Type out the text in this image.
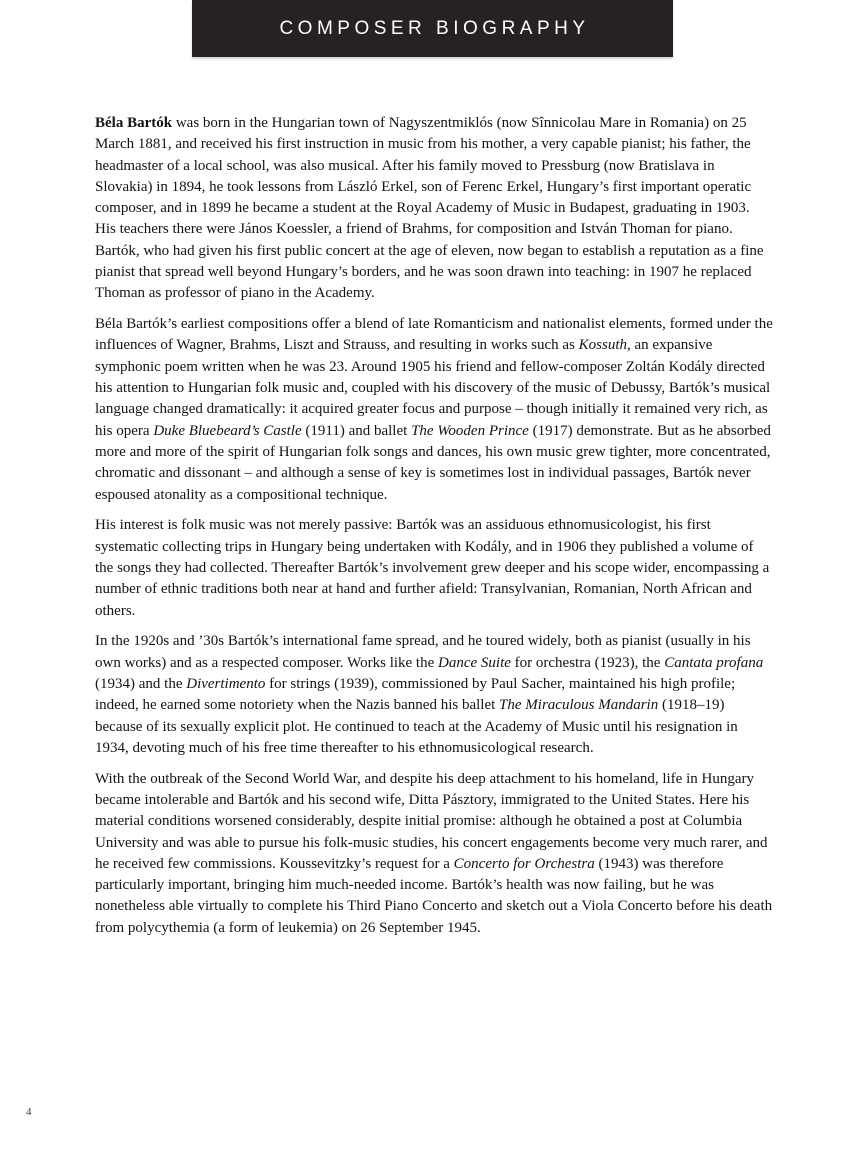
COMPOSER BIOGRAPHY

Béla Bartók was born in the Hungarian town of Nagyszentmiklós (now Sînnicolau Mare in Romania) on 25 March 1881, and received his first instruction in music from his mother, a very capable pianist; his father, the headmaster of a local school, was also musical. After his family moved to Pressburg (now Bratislava in Slovakia) in 1894, he took lessons from László Erkel, son of Ferenc Erkel, Hungary’s first important operatic composer, and in 1899 he became a student at the Royal Academy of Music in Budapest, graduating in 1903. His teachers there were János Koessler, a friend of Brahms, for composition and István Thoman for piano. Bartók, who had given his first public concert at the age of eleven, now began to establish a reputation as a fine pianist that spread well beyond Hungary’s borders, and he was soon drawn into teaching: in 1907 he replaced Thoman as professor of piano in the Academy.

Béla Bartók’s earliest compositions offer a blend of late Romanticism and nationalist elements, formed under the influences of Wagner, Brahms, Liszt and Strauss, and resulting in works such as Kossuth, an expansive symphonic poem written when he was 23. Around 1905 his friend and fellow-composer Zoltán Kodály directed his attention to Hungarian folk music and, coupled with his discovery of the music of Debussy, Bartók’s musical language changed dramatically: it acquired greater focus and purpose – though initially it remained very rich, as his opera Duke Bluebeard’s Castle (1911) and ballet The Wooden Prince (1917) demonstrate. But as he absorbed more and more of the spirit of Hungarian folk songs and dances, his own music grew tighter, more concentrated, chromatic and dissonant – and although a sense of key is sometimes lost in individual passages, Bartók never espoused atonality as a compositional technique.

His interest is folk music was not merely passive: Bartók was an assiduous ethnomusicologist, his first systematic collecting trips in Hungary being undertaken with Kodály, and in 1906 they published a volume of the songs they had collected. Thereafter Bartók’s involvement grew deeper and his scope wider, encompassing a number of ethnic traditions both near at hand and further afield: Transylvanian, Romanian, North African and others.

In the 1920s and ’30s Bartók’s international fame spread, and he toured widely, both as pianist (usually in his own works) and as a respected composer. Works like the Dance Suite for orchestra (1923), the Cantata profana (1934) and the Divertimento for strings (1939), commissioned by Paul Sacher, maintained his high profile; indeed, he earned some notoriety when the Nazis banned his ballet The Miraculous Mandarin (1918–19) because of its sexually explicit plot. He continued to teach at the Academy of Music until his resignation in 1934, devoting much of his free time thereafter to his ethnomusicological research.

With the outbreak of the Second World War, and despite his deep attachment to his homeland, life in Hungary became intolerable and Bartók and his second wife, Ditta Pásztory, immigrated to the United States. Here his material conditions worsened considerably, despite initial promise: although he obtained a post at Columbia University and was able to pursue his folk-music studies, his concert engagements become very much rarer, and he received few commissions. Koussevitzky’s request for a Concerto for Orchestra (1943) was therefore particularly important, bringing him much-needed income. Bartók’s health was now failing, but he was nonetheless able virtually to complete his Third Piano Concerto and sketch out a Viola Concerto before his death from polycythemia (a form of leukemia) on 26 September 1945.

4
